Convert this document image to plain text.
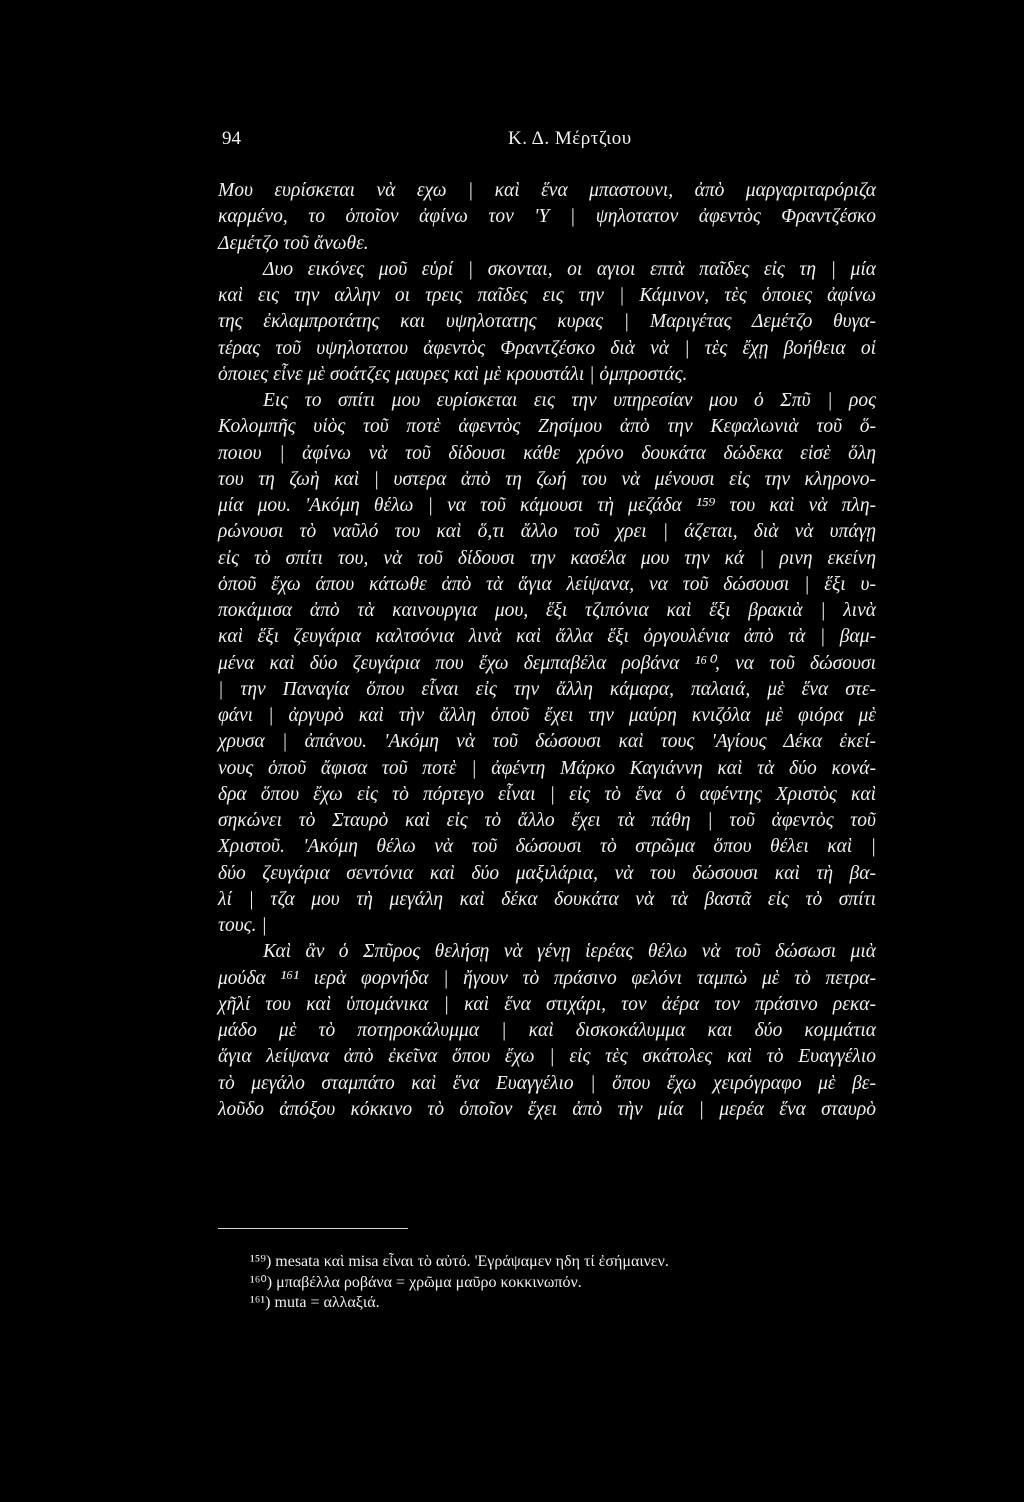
94	Κ. Δ. Μέρτζιου
Μου ευρίσκεται νὰ εχω | καὶ ἕνα μπαστουνι, ἀπὸ μαργαριταρόριζα
καρμένο, το ὁποῖον ἀφίνω τον 'Υ | ψηλοτατον ἀφεντὸς Φραντζέσκο
Δεμέτζο τοῦ ἄνωθε.
Δυο εικόνες μοῦ εὑρί | σκονται, οι αγιοι επτὰ παῖδες εἰς τη | μία
καὶ εις την αλλην οι τρεις παῖδες εις την | Κάμινον, τὲς ὁποιες ἀφίνω
της ἐκλαμπροτάτης και υψηλοτατης κυρας | Μαριγέτας Δεμέτζο θυγα-
τέρας τοῦ υψηλοτατου ἀφεντὸς Φραντζέσκο διὰ νὰ | τὲς ἔχῃ βοήθεια οἱ
ὁποιες εἶνε μὲ σοάτζες μαυρες καὶ μὲ κρουστάλι | ὀμπροστάς.
Εις το σπίτι μου ευρίσκεται εις την υπηρεσίαν μου ὁ Σπῦ | ρος
Κολομπῆς υἱὸς τοῦ ποτὲ ἀφεντὸς Ζησίμου ἀπὸ την Κεφαλωνιὰ τοῦ ὅ-
ποιου | ἀφίνω νὰ τοῦ δίδουσι κάθε χρόνο δουκάτα δώδεκα εἰσὲ ὅλη
του τη ζωὴ καὶ | υστερα ἀπὸ τη ζωή του νὰ μένουσι εἰς την κληρονο-
μία μου. 'Ακόμη θέλω | να τοῦ κάμουσι τὴ μεζάδα ¹⁵⁹ του καὶ νὰ πλη-
ρώνουσι τὸ ναῦλό του καὶ ὅ,τι ἄλλο τοῦ χρει | άζεται, διὰ νὰ υπάγῃ
εἰς τὸ σπίτι του, νὰ τοῦ δίδουσι την κασέλα μου την κά | ρινη εκείνη
ὁποῦ ἔχω άπου κάτωθε ἀπὸ τὰ ἅγια λείψανα, να τοῦ δώσουσι | ἕξι υ-
ποκάμισα ἀπὸ τὰ καινουργια μου, ἕξι τζιπόνια καὶ ἕξι βρακιὰ | λινὰ
καὶ ἕξι ζευγάρια καλτσόνια λινὰ καὶ ἄλλα ἕξι ὀργουλένια ἀπὸ τὰ | βαμ-
μένα καὶ δύο ζευγάρια που ἔχω δεμπαβέλα ροβάνα ¹⁶⁰, να τοῦ δώσουσι
| την Παναγία ὅπου εἶναι εἰς την ἄλλη κάμαρα, παλαιά, μὲ ἕνα στε-
φάνι | ἀργυρὸ καὶ τὴν ἄλλη ὁποῦ ἔχει την μαύρη κνιζόλα μὲ φιόρα μὲ
χρυσα | ἀπάνου. 'Ακόμη νὰ τοῦ δώσουσι καὶ τους 'Αγίους Δέκα ἐκεί-
νους ὁποῦ ἄφισα τοῦ ποτὲ | ἀφέντη Μάρκο Καγιάννη καὶ τὰ δύο κονά-
δρα ὅπου ἔχω εἰς τὸ πόρτεγο εἶναι | εἰς τὸ ἕνα ὁ αφέντης Χριστὸς καὶ
σηκώνει τὸ Σταυρὸ καὶ εἰς τὸ ἄλλο ἔχει τὰ πάθη | τοῦ ἀφεντὸς τοῦ
Χριστοῦ. 'Ακόμη θέλω νὰ τοῦ δώσουσι τὸ στρῶμα ὅπου θέλει καὶ |
δύο ζευγάρια σεντόνια καὶ δύο μαξιλάρια, νὰ του δώσουσι καὶ τὴ βα-
λί | τζα μου τὴ μεγάλη καὶ δέκα δουκάτα νὰ τὰ βαστᾶ εἰς τὸ σπίτι
τους. |
Καὶ ἂν ὁ Σπῦρος θελήσῃ νὰ γένῃ ἱερέας θέλω νὰ τοῦ δώσωσι μιὰ
μούδα ¹⁶¹ ιερὰ φορνήδα | ἤγουν τὸ πράσινο φελόνι ταμπὼ μὲ τὸ πετρα-
χῆλί του καὶ ὑπομάνικα | καὶ ἕνα στιχάρι, τον ἀέρα τον πράσινο ρεκα-
μάδο μὲ τὸ ποτηροκάλυμμα | καὶ δισκοκάλυμμα και δύο κομμάτια
ἅγια λείψανα ἀπὸ ἐκεῖνα ὅπου ἔχω | εἰς τὲς σκάτολες καὶ τὸ Ευαγγέλιο
τὸ μεγάλο σταμπάτο καὶ ἕνα Ευαγγέλιο | ὅπου ἔχω χειρόγραφο μὲ βε-
λοῦδο ἀπόξου κόκκινο τὸ ὁποῖον ἔχει ἀπὸ τὴν μία | μερέα ἕνα σταυρὸ
¹⁵⁹) mesata καὶ misa εἶναι τὸ αὐτό. 'Εγράψαμεν ηδη τί ἐσήμαινεν.
¹⁶⁰) μπαβέλλα ροβάνα = χρῶμα μαῦρο κοκκινωπόν.
¹⁶¹) muta = αλλαξιά.
